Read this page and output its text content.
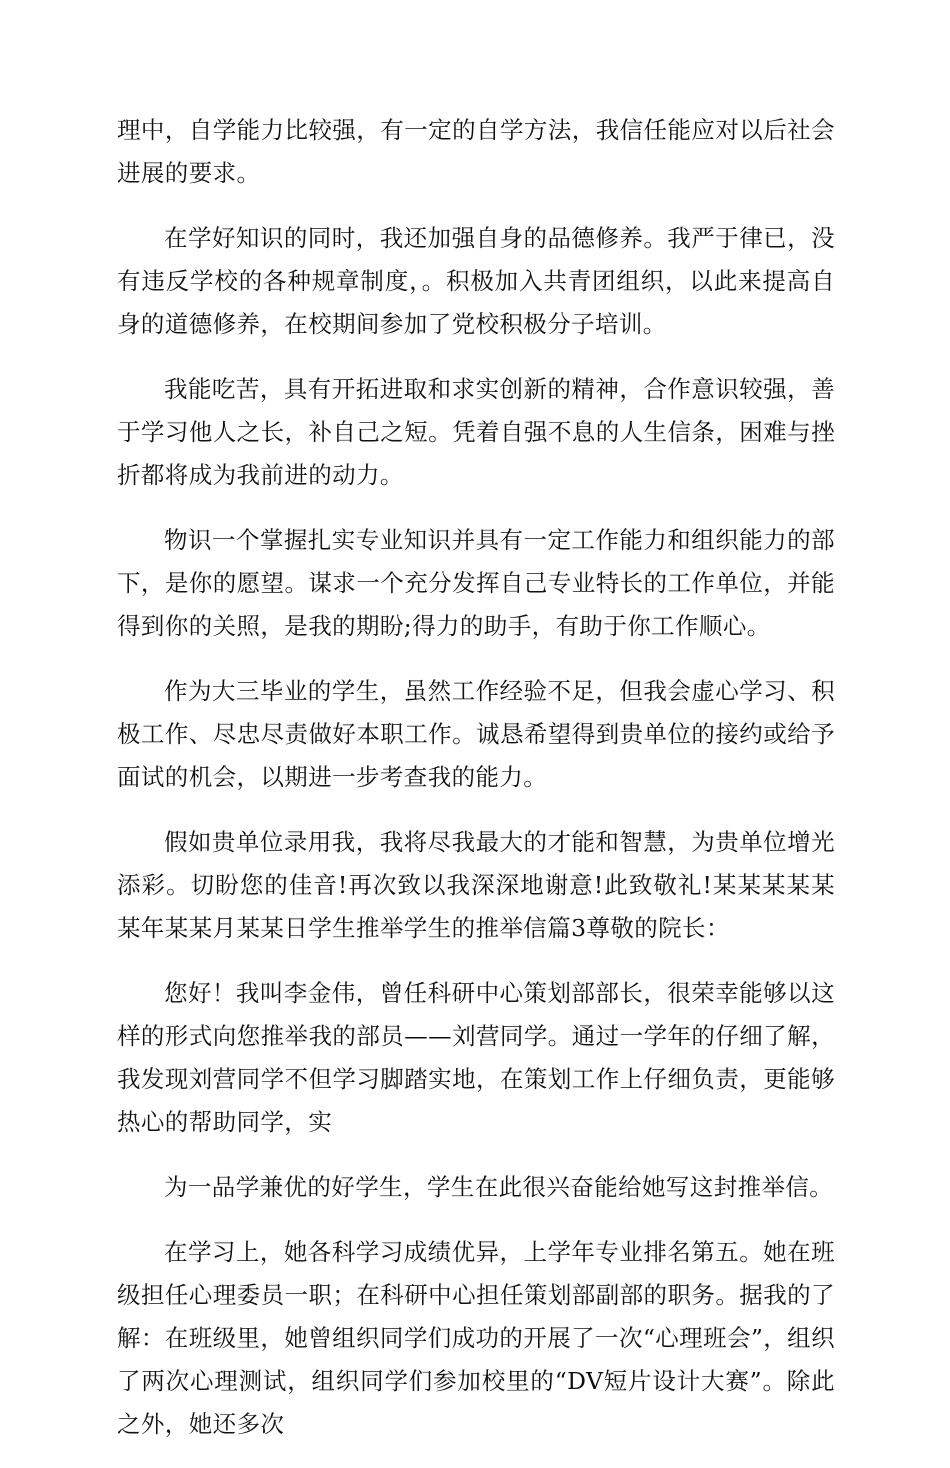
理中，自学能力比较强，有一定的自学方法，我信任能应对以后社会进展的要求。

在学好知识的同时，我还加强自身的品德修养。我严于律已，没有违反学校的各种规章制度，。积极加入共青团组织，以此来提高自身的道德修养，在校期间参加了党校积极分子培训。

我能吃苦，具有开拓进取和求实创新的精神，合作意识较强，善于学习他人之长，补自己之短。凭着自强不息的人生信条，困难与挫折都将成为我前进的动力。

物识一个掌握扎实专业知识并具有一定工作能力和组织能力的部下，是你的愿望。谋求一个充分发挥自己专业特长的工作单位，并能得到你的关照，是我的期盼;得力的助手，有助于你工作顺心。

作为大三毕业的学生，虽然工作经验不足，但我会虚心学习、积极工作、尽忠尽责做好本职工作。诚恳希望得到贵单位的接约或给予面试的机会，以期进一步考查我的能力。

假如贵单位录用我，我将尽我最大的才能和智慧，为贵单位增光添彩。切盼您的佳音!再次致以我深深地谢意!此致敬礼!某某某某某某年某某月某某日学生推举学生的推举信篇3尊敬的院长：

您好！我叫李金伟，曾任科研中心策划部部长，很荣幸能够以这样的形式向您推举我的部员——刘营同学。通过一学年的仔细了解，我发现刘营同学不但学习脚踏实地，在策划工作上仔细负责，更能够热心的帮助同学，实

为一品学兼优的好学生，学生在此很兴奋能给她写这封推举信。

在学习上，她各科学习成绩优异，上学年专业排名第五。她在班级担任心理委员一职；在科研中心担任策划部副部的职务。据我的了解：在班级里，她曾组织同学们成功的开展了一次“心理班会”，组织了两次心理测试，组织同学们参加校里的“DV短片设计大赛”。除此之外，她还多次
